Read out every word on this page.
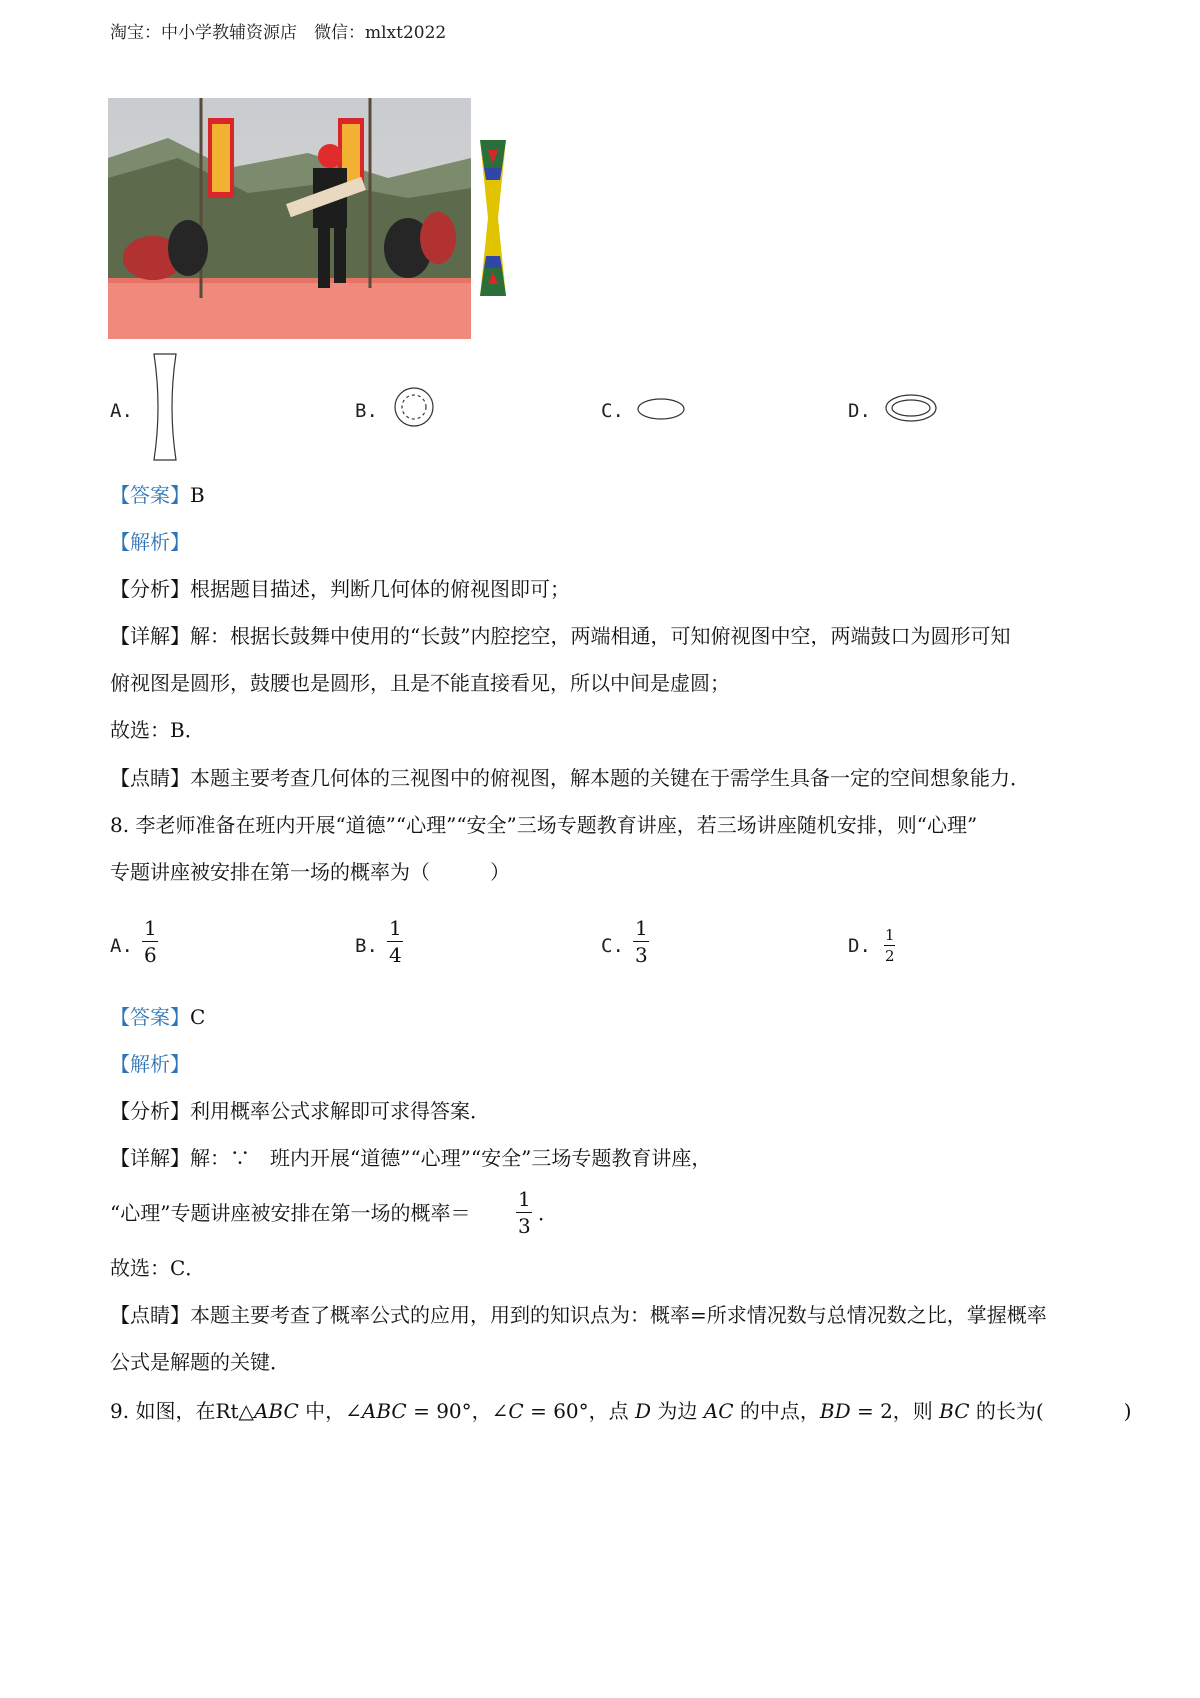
淘宝：中小学教辅资源店　微信：mlxt2022
A.	B.	C.	D.
【答案】B
【解析】
【分析】根据题目描述，判断几何体的俯视图即可；
【详解】解：根据长鼓舞中使用的“长鼓”内腔挖空，两端相通，可知俯视图中空，两端鼓口为圆形可知
俯视图是圆形，鼓腰也是圆形，且是不能直接看见，所以中间是虚圆；
故选：B．
【点睛】本题主要考查几何体的三视图中的俯视图，解本题的关键在于需学生具备一定的空间想象能力．
8. 李老师准备在班内开展“道德”“心理”“安全”三场专题教育讲座，若三场讲座随机安排，则“心理”
专题讲座被安排在第一场的概率为（　　　）
A.
1
6	B.
1
4	C.
1
3	D. 1
2
【答案】C
【解析】
【分析】利用概率公式求解即可求得答案．
【详解】解：∵　班内开展“道德”“心理”“安全”三场专题教育讲座，
“心理”专题讲座被安排在第一场的概率＝
1
3
．
故选：C．
【点睛】本题主要考查了概率公式的应用，用到的知识点为：概率=所求情况数与总情况数之比，掌握概率
公式是解题的关键．
9. 如图，在Rt△ABC 中，∠ABC = 90°，∠C = 60°，点 D 为边 AC 的中点，BD = 2，则 BC 的长为(　　　　)
